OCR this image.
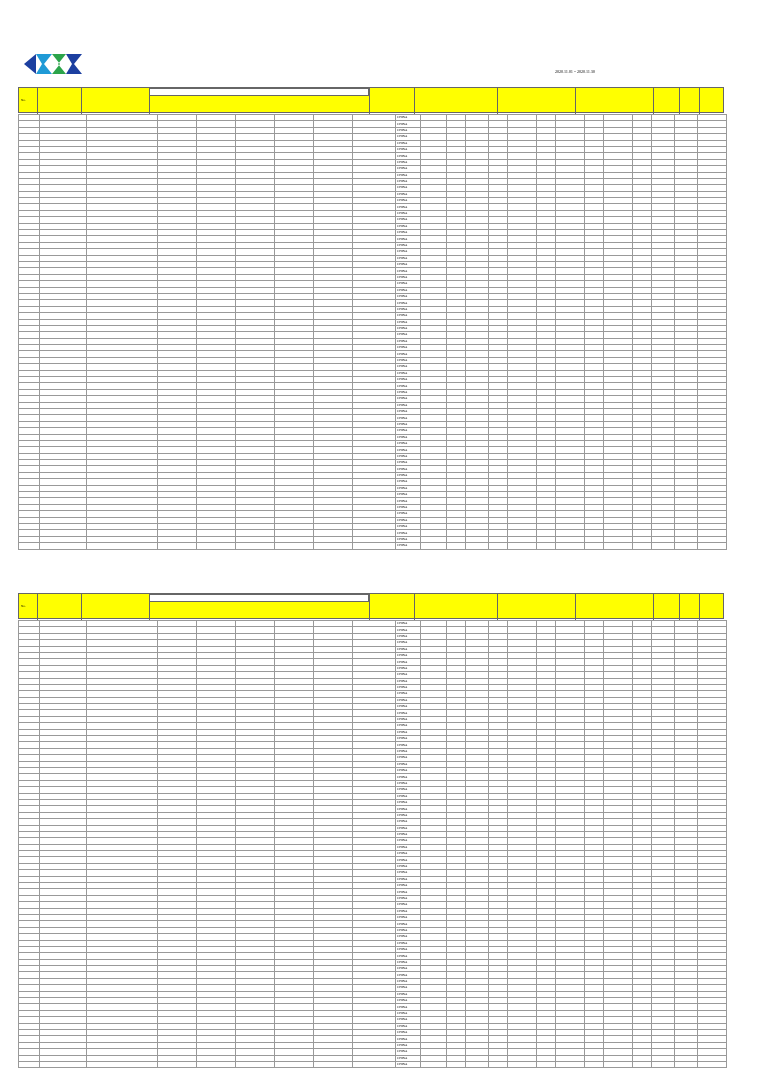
2020.11.01 ~ 2020.11.30
No.
									CHINA													
									CHINA													
									CHINA													
									CHINA													
									CHINA													
									CHINA													
									CHINA													
									CHINA													
									CHINA													
									CHINA													
									CHINA													
									CHINA													
									CHINA													
									CHINA													
									CHINA													
									CHINA													
									CHINA													
									CHINA													
									CHINA													
									CHINA													
									CHINA													
									CHINA													
									CHINA													
									CHINA													
									CHINA													
									CHINA													
									CHINA													
									CHINA													
									CHINA													
									CHINA													
									CHINA													
									CHINA													
									CHINA													
									CHINA													
									CHINA													
									CHINA													
									CHINA													
									CHINA													
									CHINA													
									CHINA													
									CHINA													
									CHINA													
									CHINA													
									CHINA													
									CHINA													
									CHINA													
									CHINA													
									CHINA													
									CHINA													
									CHINA													
									CHINA													
									CHINA													
									CHINA													
									CHINA													
									CHINA													
									CHINA													
									CHINA													
									CHINA													
									CHINA													
									CHINA													
									CHINA													
									CHINA													
									CHINA													
									CHINA													
									CHINA													
									CHINA													
									CHINA													
									CHINA													
No.
									CHINA													
									CHINA													
									CHINA													
									CHINA													
									CHINA													
									CHINA													
									CHINA													
									CHINA													
									CHINA													
									CHINA													
									CHINA													
									CHINA													
									CHINA													
									CHINA													
									CHINA													
									CHINA													
									CHINA													
									CHINA													
									CHINA													
									CHINA													
									CHINA													
									CHINA													
									CHINA													
									CHINA													
									CHINA													
									CHINA													
									CHINA													
									CHINA													
									CHINA													
									CHINA													
									CHINA													
									CHINA													
									CHINA													
									CHINA													
									CHINA													
									CHINA													
									CHINA													
									CHINA													
									CHINA													
									CHINA													
									CHINA													
									CHINA													
									CHINA													
									CHINA													
									CHINA													
									CHINA													
									CHINA													
									CHINA													
									CHINA													
									CHINA													
									CHINA													
									CHINA													
									CHINA													
									CHINA													
									CHINA													
									CHINA													
									CHINA													
									CHINA													
									CHINA													
									CHINA													
									CHINA													
									CHINA													
									CHINA													
									CHINA													
									CHINA													
									CHINA													
									CHINA													
									CHINA													
									CHINA													
									CHINA													
